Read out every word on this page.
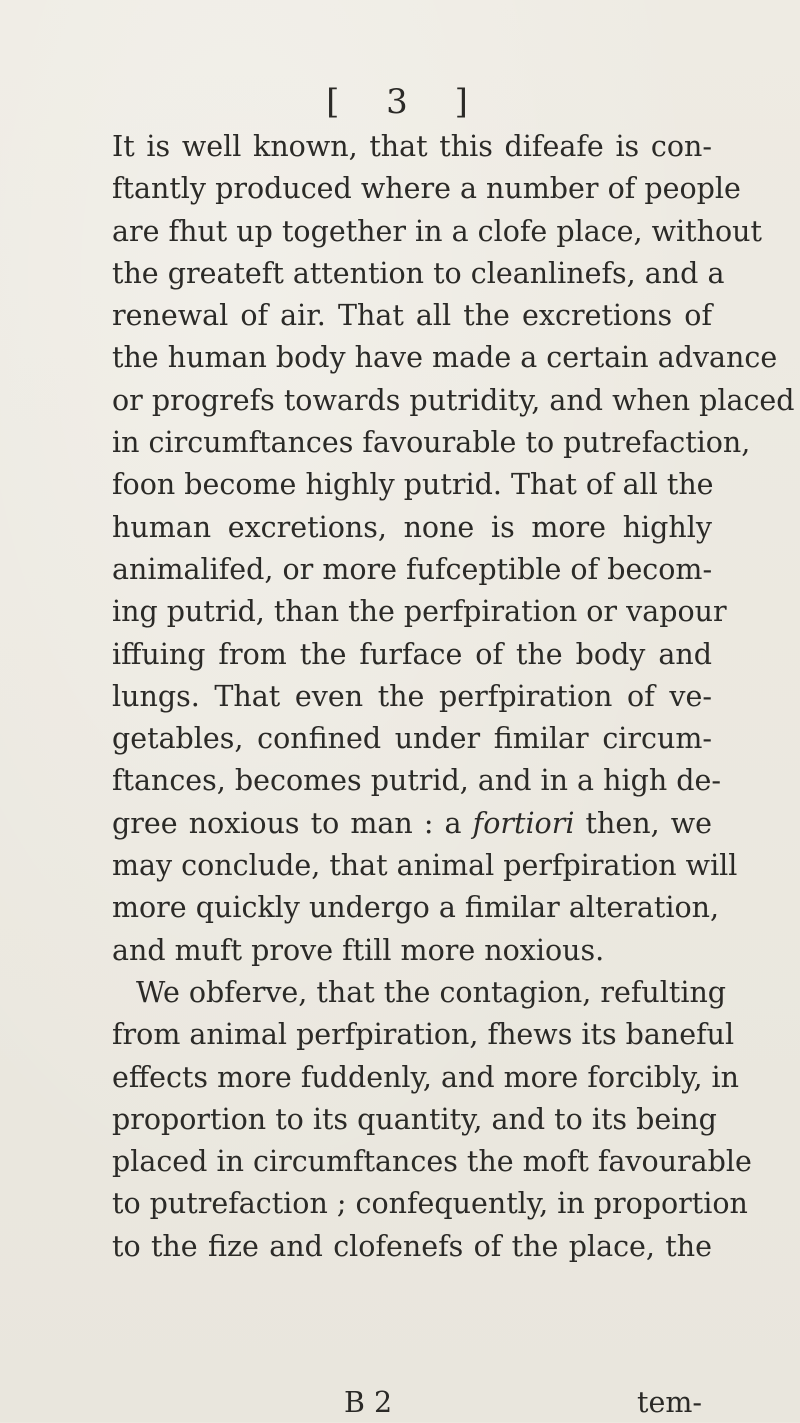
[ 3 ]
It is well known, that this difeafe is con-
ftantly produced where a number of people
are fhut up together in a clofe place, without
the greateft attention to cleanlinefs, and a
renewal of air. That all the excretions of
the human body have made a certain advance
or progrefs towards putridity, and when placed
in circumftances favourable to putrefaction,
foon become highly putrid. That of all the
human excretions, none is more highly
animalifed, or more fufceptible of becom-
ing putrid, than the perfpiration or vapour
iffuing from the furface of the body and
lungs. That even the perfpiration of ve-
getables, confined under fimilar circum-
ftances, becomes putrid, and in a high de-
gree noxious to man : a fortiori then, we
may conclude, that animal perfpiration will
more quickly undergo a fimilar alteration,
and muft prove ftill more noxious.
We obferve, that the contagion, refulting
from animal perfpiration, fhews its baneful
effects more fuddenly, and more forcibly, in
proportion to its quantity, and to its being
placed in circumftances the moft favourable
to putrefaction ; confequently, in proportion
to the fize and clofenefs of the place, the
B 2	tem-
